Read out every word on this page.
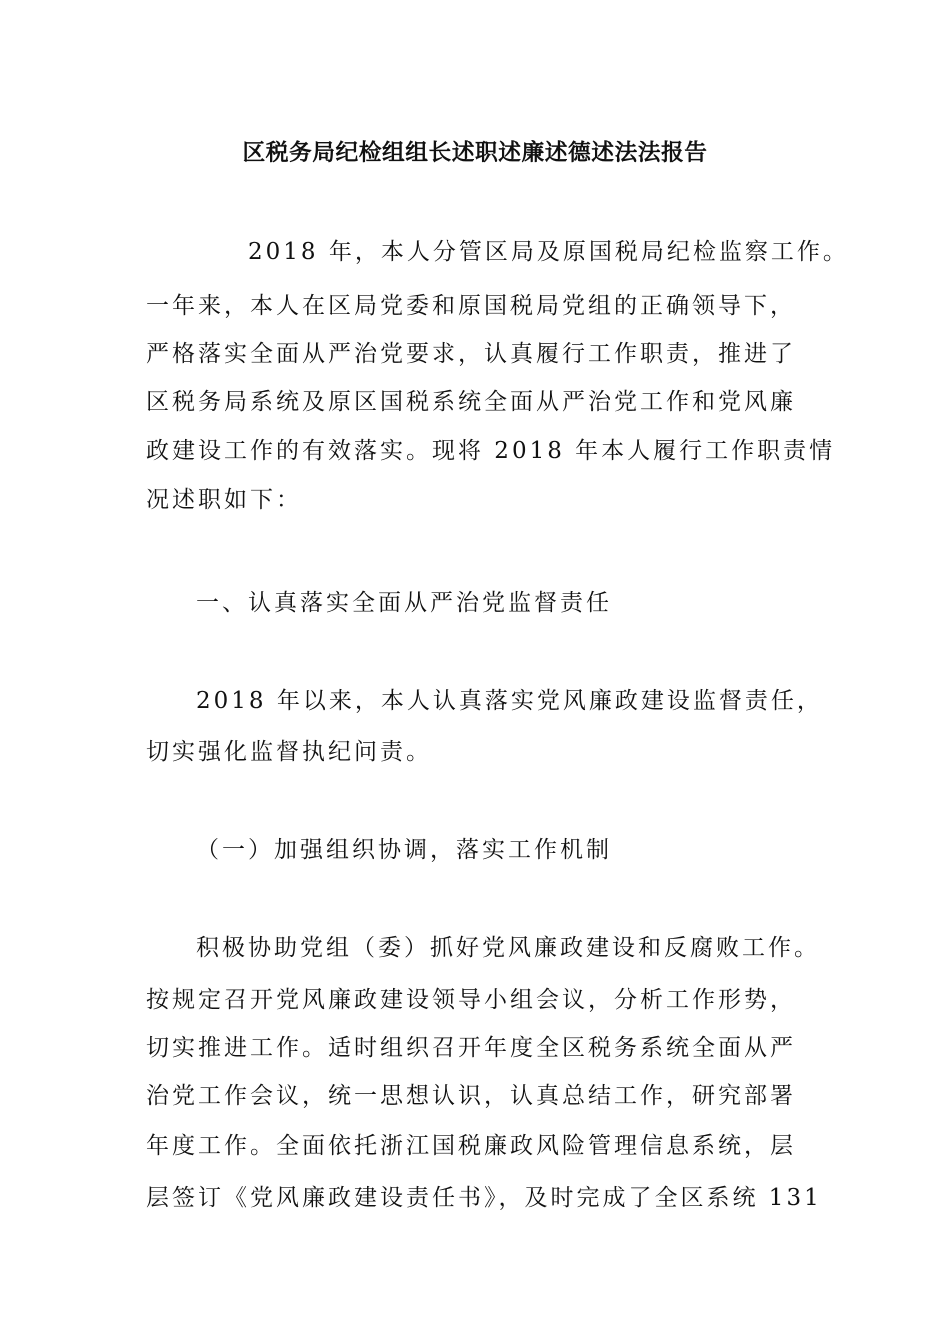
区税务局纪检组组长述职述廉述德述法法报告
2018 年，本人分管区局及原国税局纪检监察工作。
一年来，本人在区局党委和原国税局党组的正确领导下，
严格落实全面从严治党要求，认真履行工作职责，推进了
区税务局系统及原区国税系统全面从严治党工作和党风廉
政建设工作的有效落实。现将 2018 年本人履行工作职责情
况述职如下：
一、认真落实全面从严治党监督责任
2018 年以来，本人认真落实党风廉政建设监督责任，
切实强化监督执纪问责。
（一）加强组织协调，落实工作机制
积极协助党组（委）抓好党风廉政建设和反腐败工作。
按规定召开党风廉政建设领导小组会议，分析工作形势，
切实推进工作。适时组织召开年度全区税务系统全面从严
治党工作会议，统一思想认识，认真总结工作，研究部署
年度工作。全面依托浙江国税廉政风险管理信息系统，层
层签订《党风廉政建设责任书》，及时完成了全区系统 131
